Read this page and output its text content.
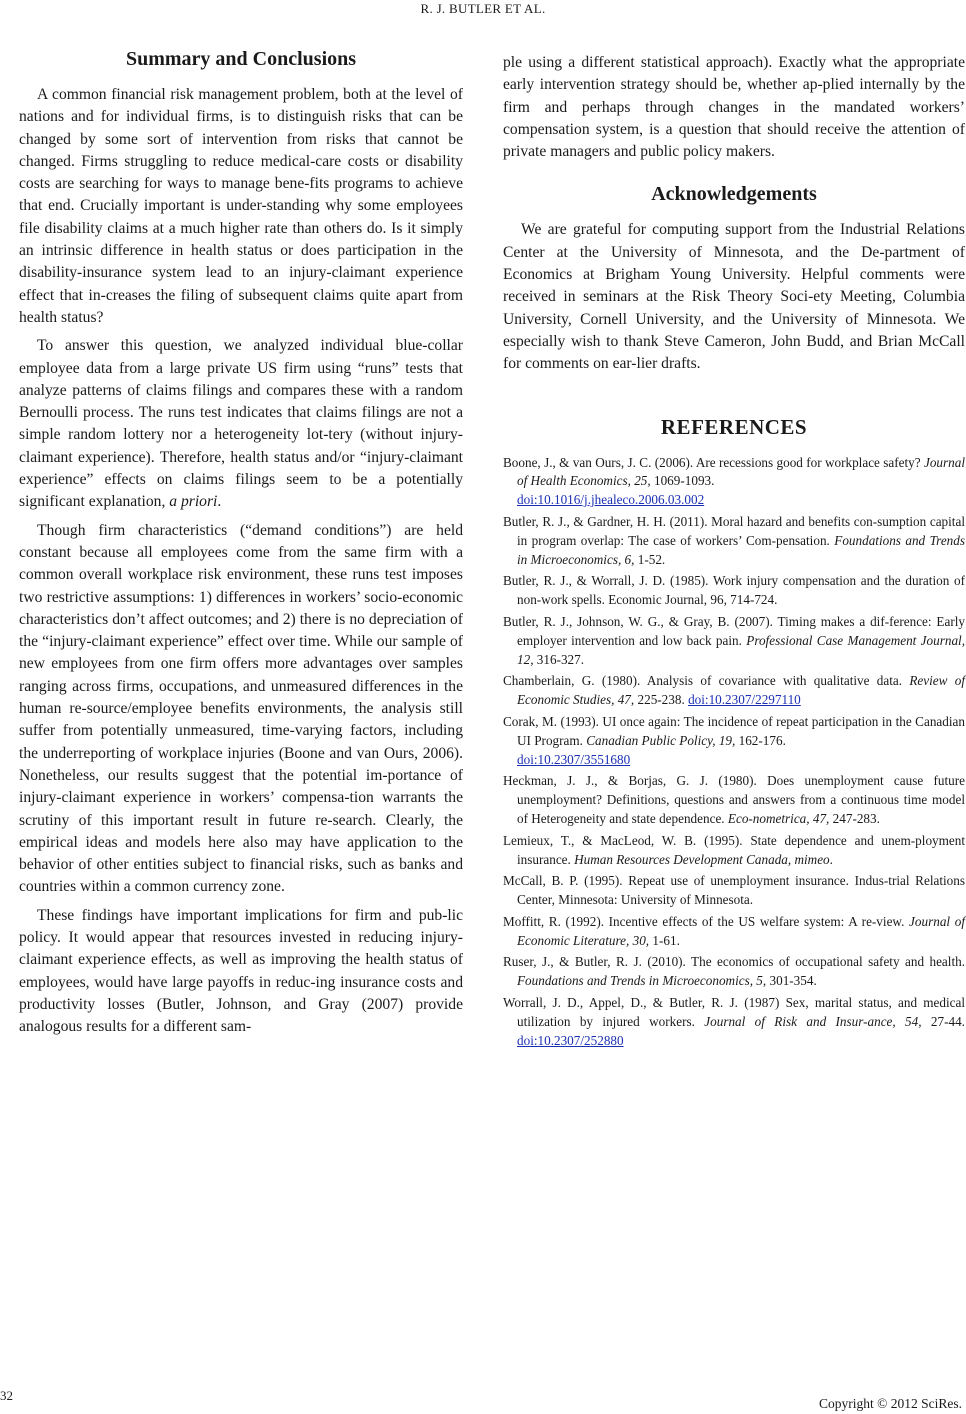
R. J. BUTLER ET AL.
Summary and Conclusions

A common financial risk management problem, both at the level of nations and for individual firms, is to distinguish risks that can be changed by some sort of intervention from risks that cannot be changed. Firms struggling to reduce medical-care costs or disability costs are searching for ways to manage bene-fits programs to achieve that end. Crucially important is under-standing why some employees file disability claims at a much higher rate than others do. Is it simply an intrinsic difference in health status or does participation in the disability-insurance system lead to an injury-claimant experience effect that in-creases the filing of subsequent claims quite apart from health status?

To answer this question, we analyzed individual blue-collar employee data from a large private US firm using “runs” tests that analyze patterns of claims filings and compares these with a random Bernoulli process. The runs test indicates that claims filings are not a simple random lottery nor a heterogeneity lot-tery (without injury-claimant experience). Therefore, health status and/or “injury-claimant experience” effects on claims filings seem to be a potentially significant explanation, a priori.

Though firm characteristics (“demand conditions”) are held constant because all employees come from the same firm with a common overall workplace risk environment, these runs test imposes two restrictive assumptions: 1) differences in workers’ socio-economic characteristics don’t affect outcomes; and 2) there is no depreciation of the “injury-claimant experience” effect over time. While our sample of new employees from one firm offers more advantages over samples ranging across firms, occupations, and unmeasured differences in the human re-source/employee benefits environments, the analysis still suffer from potentially unmeasured, time-varying factors, including the underreporting of workplace injuries (Boone and van Ours, 2006). Nonetheless, our results suggest that the potential im-portance of injury-claimant experience in workers’ compensa-tion warrants the scrutiny of this important result in future re-search. Clearly, the empirical ideas and models here also may have application to the behavior of other entities subject to financial risks, such as banks and countries within a common currency zone.

These findings have important implications for firm and pub-lic policy. It would appear that resources invested in reducing injury-claimant experience effects, as well as improving the health status of employees, would have large payoffs in reduc-ing insurance costs and productivity losses (Butler, Johnson, and Gray (2007) provide analogous results for a different sam-

ple using a different statistical approach). Exactly what the appropriate early intervention strategy should be, whether ap-plied internally by the firm and perhaps through changes in the mandated workers’ compensation system, is a question that should receive the attention of private managers and public policy makers.

Acknowledgements

We are grateful for computing support from the Industrial Relations Center at the University of Minnesota, and the De-partment of Economics at Brigham Young University. Helpful comments were received in seminars at the Risk Theory Soci-ety Meeting, Columbia University, Cornell University, and the University of Minnesota. We especially wish to thank Steve Cameron, John Budd, and Brian McCall for comments on ear-lier drafts.

REFERENCES
Boone, J., & van Ours, J. C. (2006). Are recessions good for workplace safety? Journal of Health Economics, 25, 1069-1093.
doi:10.1016/j.jhealeco.2006.03.002
Butler, R. J., & Gardner, H. H. (2011). Moral hazard and benefits con-sumption capital in program overlap: The case of workers’ Com-pensation. Foundations and Trends in Microeconomics, 6, 1-52.
Butler, R. J., & Worrall, J. D. (1985). Work injury compensation and the duration of non-work spells. Economic Journal, 96, 714-724.
Butler, R. J., Johnson, W. G., & Gray, B. (2007). Timing makes a dif-ference: Early employer intervention and low back pain. Professional Case Management Journal, 12, 316-327.
Chamberlain, G. (1980). Analysis of covariance with qualitative data. Review of Economic Studies, 47, 225-238. doi:10.2307/2297110
Corak, M. (1993). UI once again: The incidence of repeat participation in the Canadian UI Program. Canadian Public Policy, 19, 162-176.
doi:10.2307/3551680
Heckman, J. J., & Borjas, G. J. (1980). Does unemployment cause future unemployment? Definitions, questions and answers from a continuous time model of Heterogeneity and state dependence. Eco-nometrica, 47, 247-283.
Lemieux, T., & MacLeod, W. B. (1995). State dependence and unem-ployment insurance. Human Resources Development Canada, mimeo.
McCall, B. P. (1995). Repeat use of unemployment insurance. Indus-trial Relations Center, Minnesota: University of Minnesota.
Moffitt, R. (1992). Incentive effects of the US welfare system: A re-view. Journal of Economic Literature, 30, 1-61.
Ruser, J., & Butler, R. J. (2010). The economics of occupational safety and health. Foundations and Trends in Microeconomics, 5, 301-354.
Worrall, J. D., Appel, D., & Butler, R. J. (1987) Sex, marital status, and medical utilization by injured workers. Journal of Risk and Insur-ance, 54, 27-44. doi:10.2307/252880
32
Copyright © 2012 SciRes.
